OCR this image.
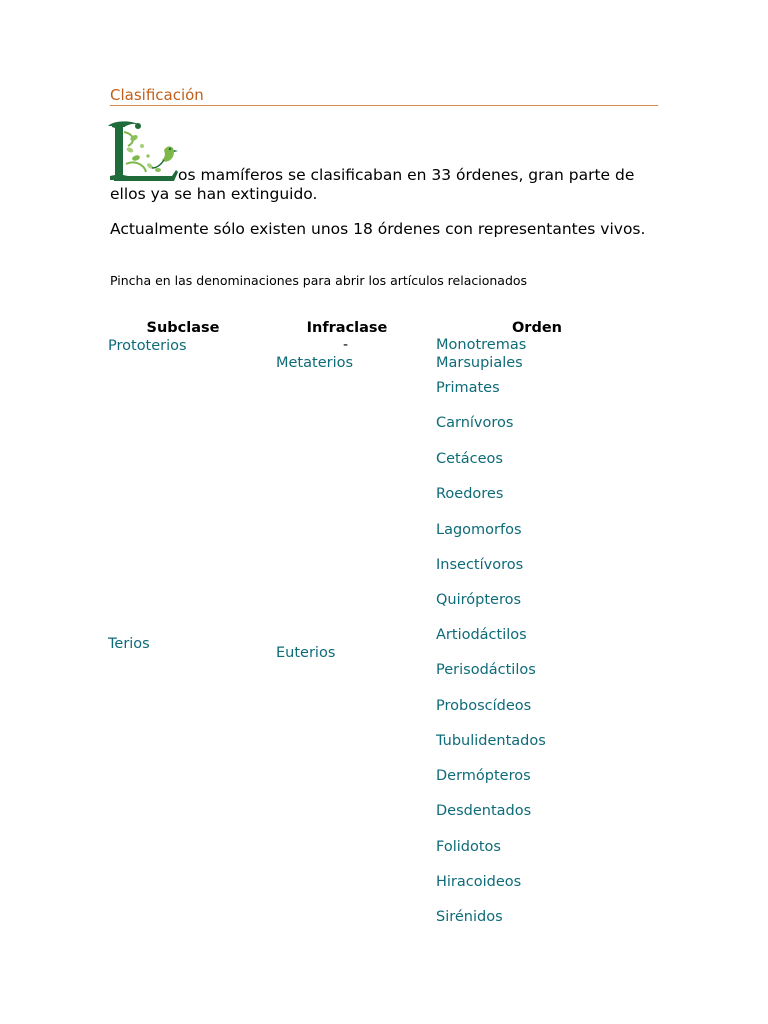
Clasificación

os mamíferos se clasificaban en 33 órdenes, gran parte de ellos ya se han extinguido.

Actualmente sólo existen unos 18 órdenes con representantes vivos.

Pincha en las denominaciones para abrir los artículos relacionados
Subclase	Infraclase	Orden
Prototerios
Terios
-
Metaterios
Euterios
Monotremas
Marsupiales
Primates
Carnívoros
Cetáceos
Roedores
Lagomorfos
Insectívoros
Quirópteros
Artiodáctilos
Perisodáctilos
Proboscídeos
Tubulidentados
Dermópteros
Desdentados
Folidotos
Hiracoideos
Sirénidos
